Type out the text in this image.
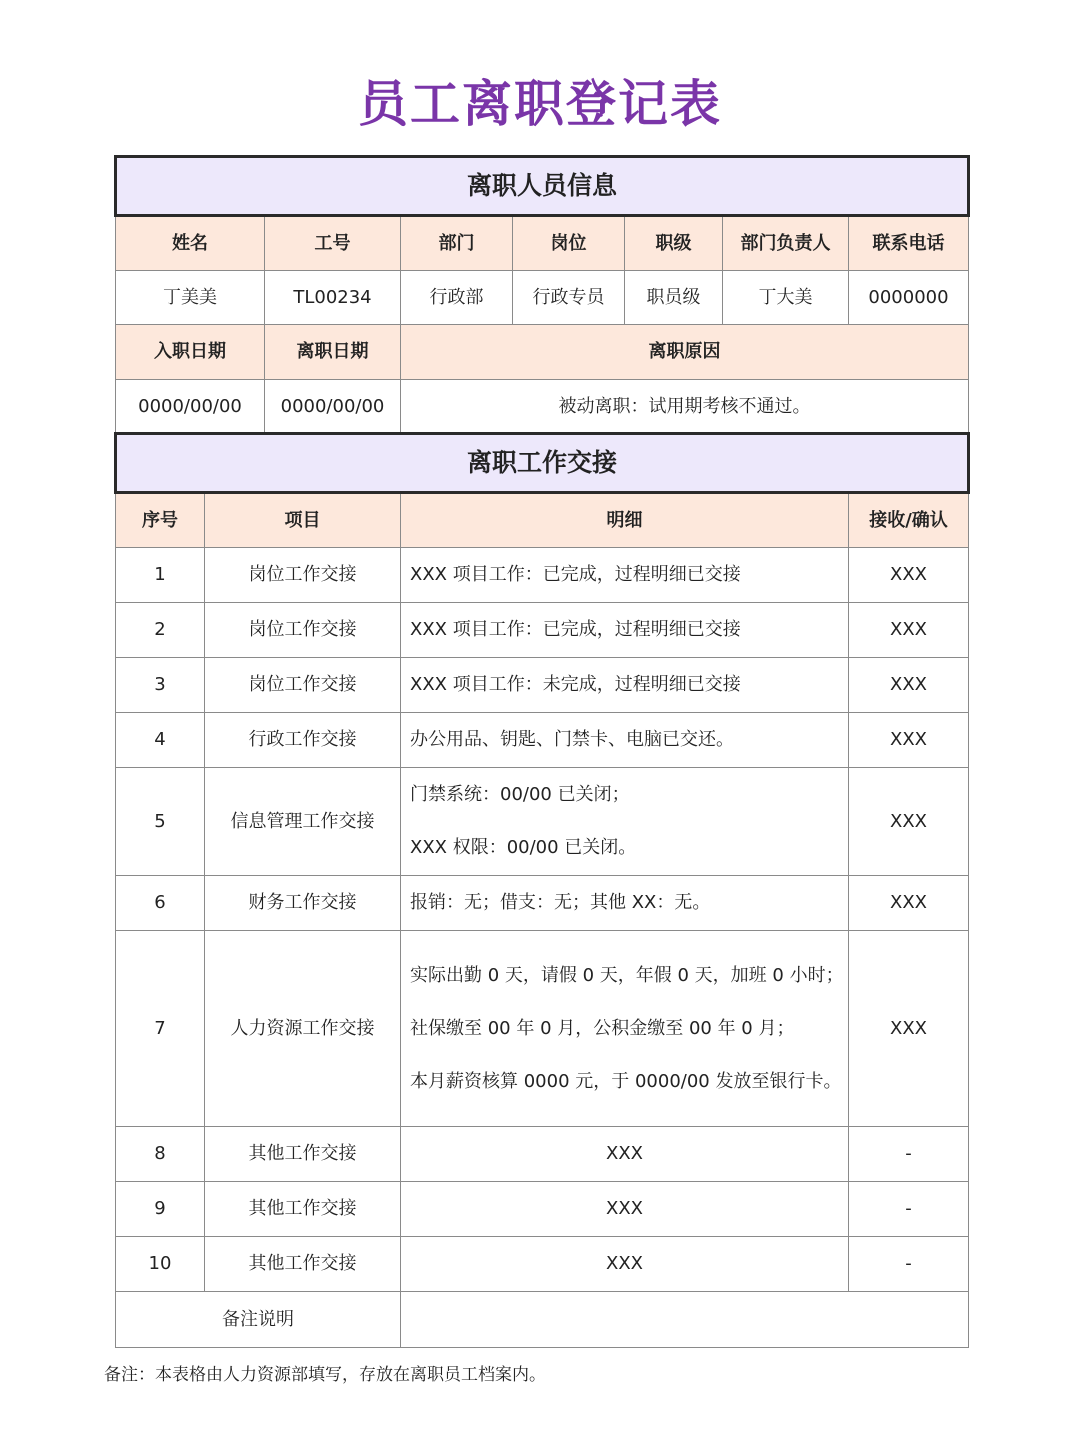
员工离职登记表
离职人员信息						
姓名	工号	部门	岗位	职级	部门负责人	联系电话
丁美美	TL00234	行政部	行政专员	职员级	丁大美	0000000
入职日期	离职日期	离职原因				
0000/00/00	0000/00/00	被动离职：试用期考核不通过。				
离职工作交接			
序号	项目	明细	接收/确认
1	岗位工作交接	XXX 项目工作：已完成，过程明细已交接	XXX
2	岗位工作交接	XXX 项目工作：已完成，过程明细已交接	XXX
3	岗位工作交接	XXX 项目工作：未完成，过程明细已交接	XXX
4	行政工作交接	办公用品、钥匙、门禁卡、电脑已交还。	XXX
5	信息管理工作交接	门禁系统：00/00 已关闭；
XXX 权限：00/00 已关闭。	XXX
6	财务工作交接	报销：无；借支：无；其他 XX：无。	XXX
7	人力资源工作交接	实际出勤 0 天，请假 0 天，年假 0 天，加班 0 小时；
社保缴至 00 年 0 月，公积金缴至 00 年 0 月；
本月薪资核算 0000 元，于 0000/00 发放至银行卡。	XXX
8	其他工作交接	XXX	-
9	其他工作交接	XXX	-
10	其他工作交接	XXX	-
备注说明			
备注：本表格由人力资源部填写，存放在离职员工档案内。
